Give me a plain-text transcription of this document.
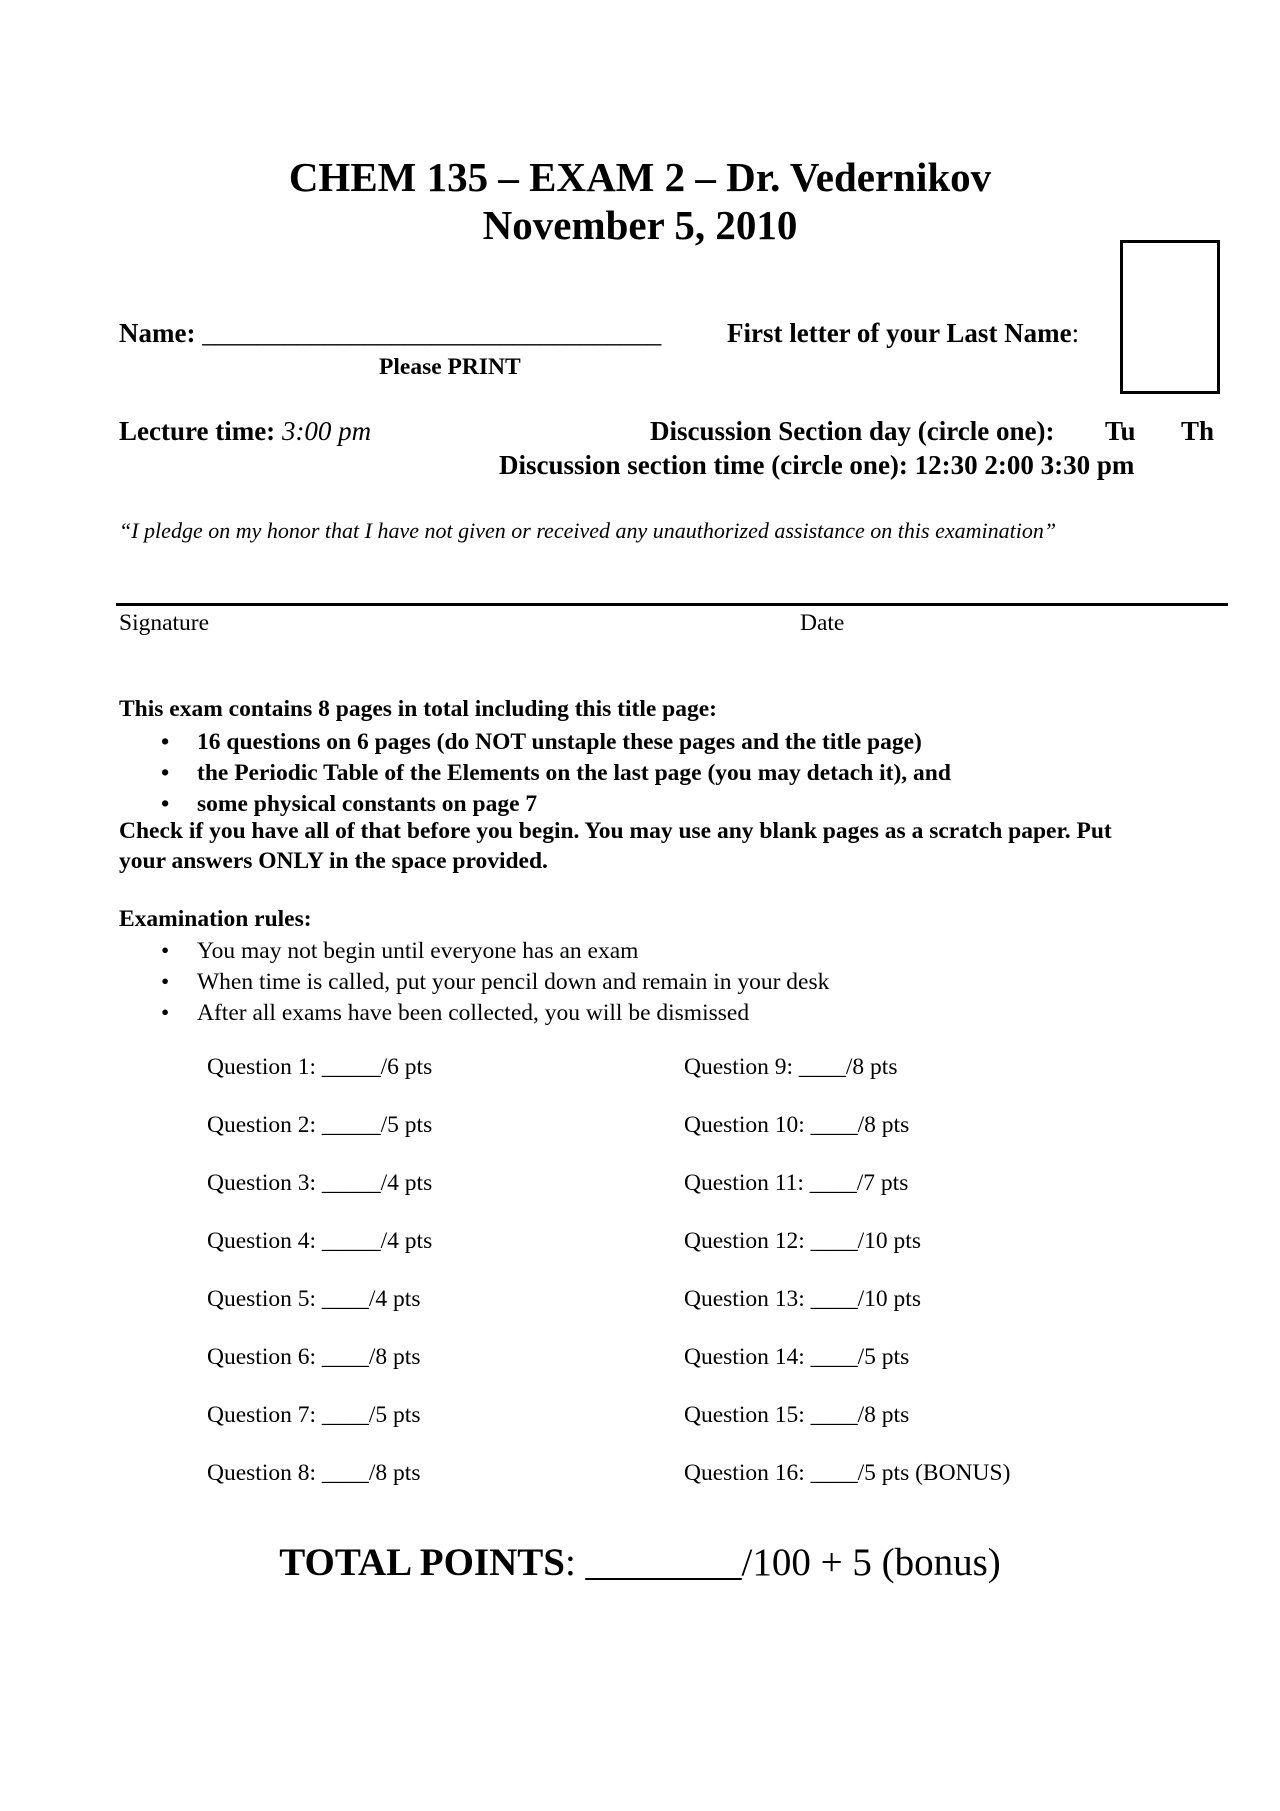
CHEM 135 – EXAM 2 – Dr. Vedernikov
November 5, 2010
Name: __________________________________
Please PRINT
First letter of your Last Name:
Lecture time: 3:00 pm	Discussion Section day (circle one): Tu Th
Discussion section time (circle one): 12:30 2:00 3:30 pm
“I pledge on my honor that I have not given or received any unauthorized assistance on this examination”
Signature	Date
This exam contains 8 pages in total including this title page:
• 16 questions on 6 pages (do NOT unstaple these pages and the title page)
• the Periodic Table of the Elements on the last page (you may detach it), and
• some physical constants on page 7
Check if you have all of that before you begin. You may use any blank pages as a scratch paper. Put
your answers ONLY in the space provided.
Examination rules:
• You may not begin until everyone has an exam
• When time is called, put your pencil down and remain in your desk
• After all exams have been collected, you will be dismissed
Question 1: _____/6 pts
Question 2: _____/5 pts
Question 3: _____/4 pts
Question 4: _____/4 pts
Question 5: ____/4 pts
Question 6: ____/8 pts
Question 7: ____/5 pts
Question 8: ____/8 pts
Question 9: ____/8 pts
Question 10: ____/8 pts
Question 11: ____/7 pts
Question 12: ____/10 pts
Question 13: ____/10 pts
Question 14: ____/5 pts
Question 15: ____/8 pts
Question 16: ____/5 pts (BONUS)
TOTAL POINTS: ________/100 + 5 (bonus)
